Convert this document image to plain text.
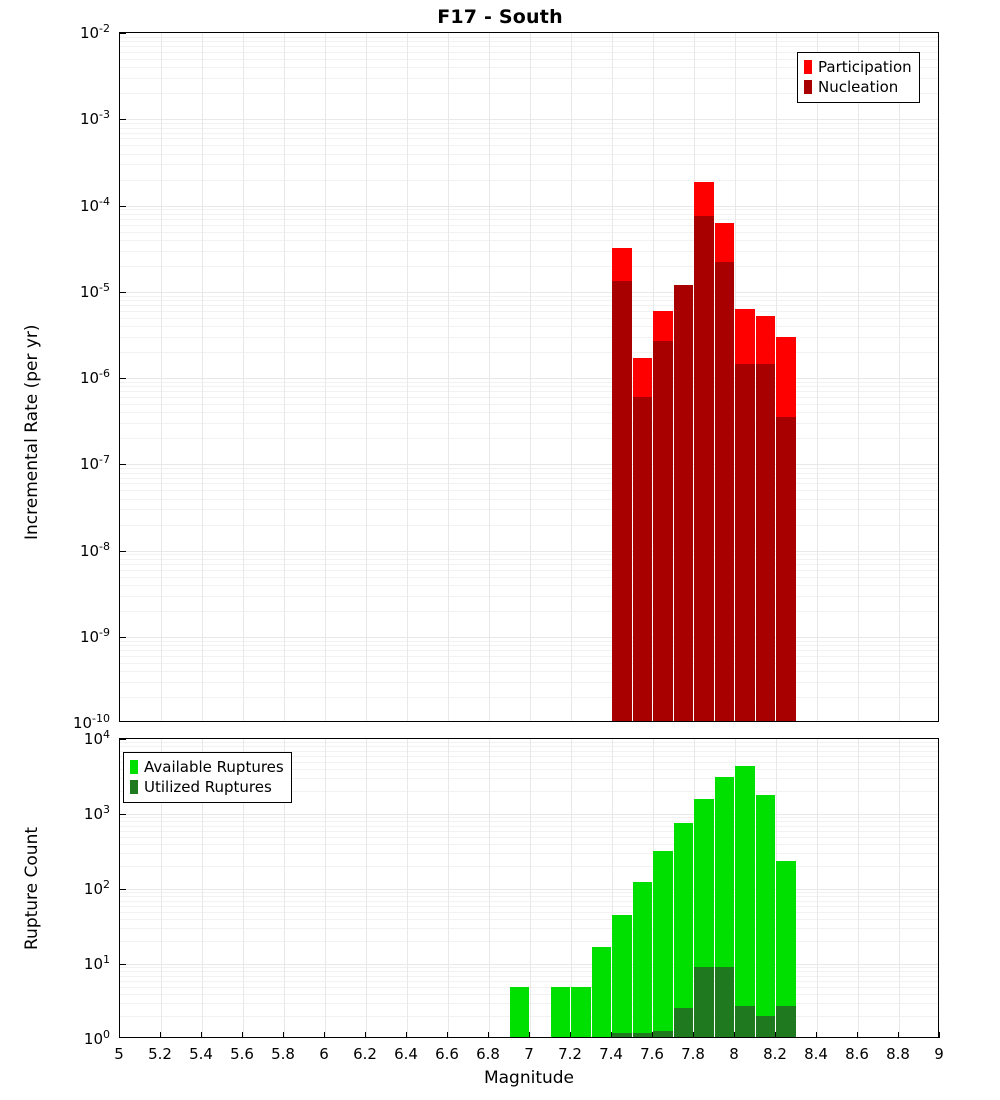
F17 - South
$10^{-2}$
$10^{-3}$
$10^{-4}$
$10^{-5}$
$10^{-6}$
$10^{-7}$
$10^{-8}$
$10^{-9}$
$10^{-10}$
Participation
Nucleation
Incremental Rate (per yr)
$10^4$
$10^3$
$10^2$
$10^1$
$10^0$
Available Ruptures
Utilized Ruptures
Rupture Count
5 5.2 5.4 5.6 5.8 6 6.2 6.4 6.6 6.8 7 7.2 7.4 7.6 7.8 8 8.2 8.4 8.6 8.8 9
Magnitude
